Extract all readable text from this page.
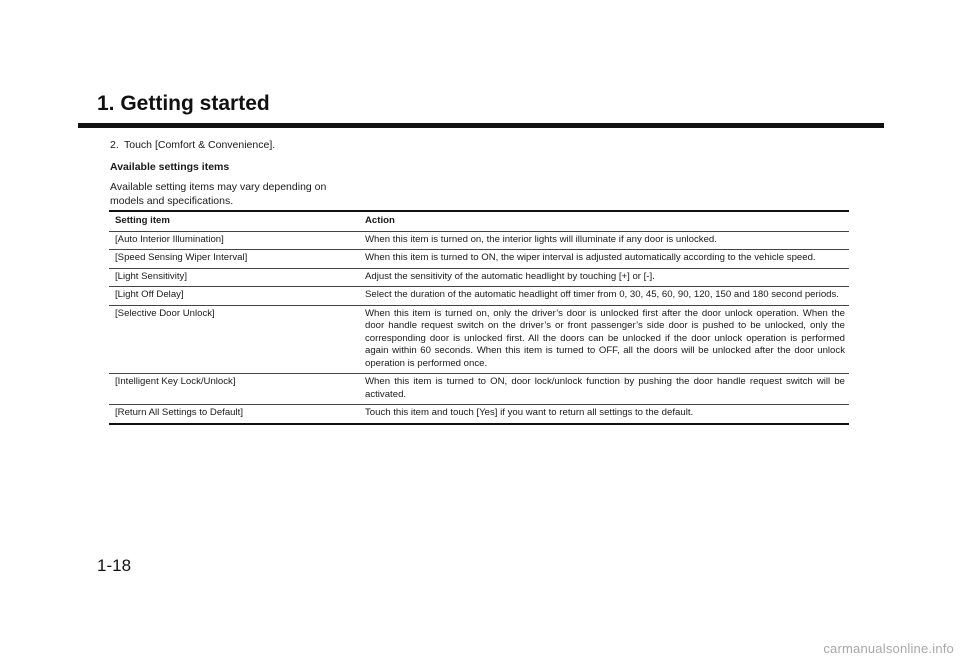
1. Getting started

2. Touch [Comfort & Convenience].

Available settings items

Available setting items may vary depending on models and specifications.

Setting item	Action
[Auto Interior Illumination]	When this item is turned on, the interior lights will illuminate if any door is unlocked.
[Speed Sensing Wiper Interval]	When this item is turned to ON, the wiper interval is adjusted automatically according to the vehicle speed.
[Light Sensitivity]	Adjust the sensitivity of the automatic headlight by touching [+] or [-].
[Light Off Delay]	Select the duration of the automatic headlight off timer from 0, 30, 45, 60, 90, 120, 150 and 180 second periods.
[Selective Door Unlock]	When this item is turned on, only the driver’s door is unlocked first after the door unlock operation. When the door handle request switch on the driver’s or front passenger’s side door is pushed to be unlocked, only the corresponding door is unlocked first. All the doors can be unlocked if the door unlock operation is performed again within 60 seconds. When this item is turned to OFF, all the doors will be unlocked after the door unlock operation is performed once.
[Intelligent Key Lock/Unlock]	When this item is turned to ON, door lock/unlock function by pushing the door handle request switch will be activated.
[Return All Settings to Default]	Touch this item and touch [Yes] if you want to return all settings to the default.
1-18
carmanualsonline.info
